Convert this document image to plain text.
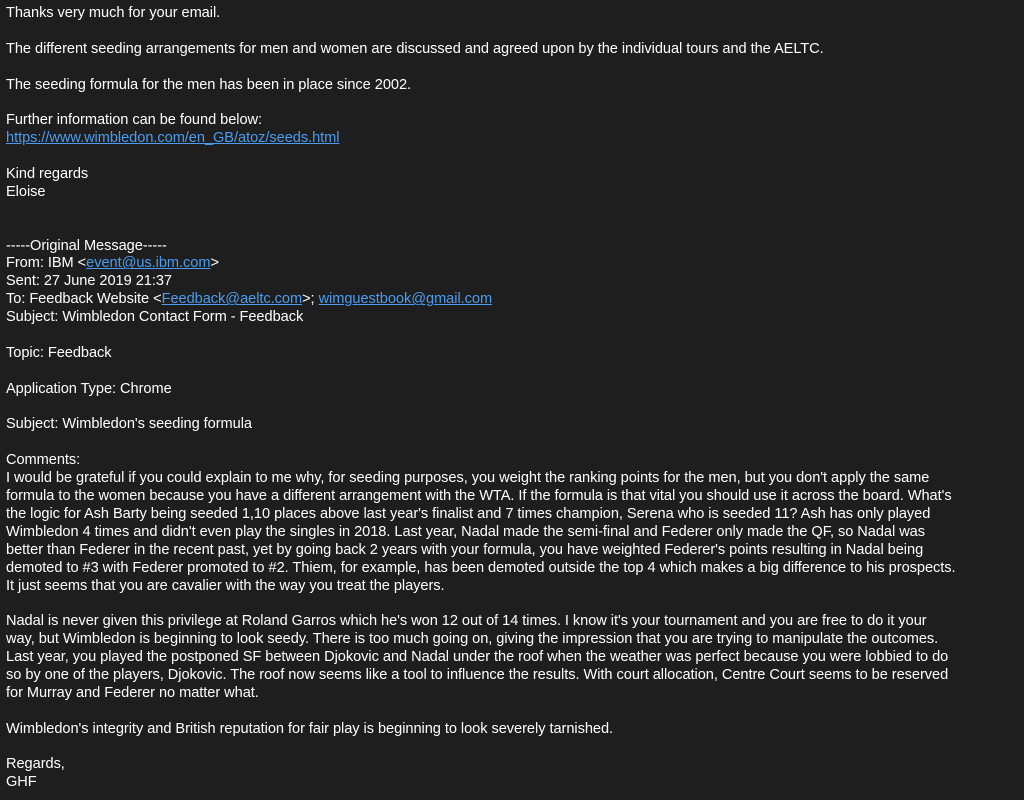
Thanks very much for your email.
The different seeding arrangements for men and women are discussed and agreed upon by the individual tours and the AELTC.
The seeding formula for the men has been in place since 2002.
Further information can be found below:
https://www.wimbledon.com/en_GB/atoz/seeds.html
Kind regards
Eloise
-----Original Message-----
From: IBM <event@us.ibm.com>
Sent: 27 June 2019 21:37
To: Feedback Website <Feedback@aeltc.com>; wimguestbook@gmail.com
Subject: Wimbledon Contact Form - Feedback
Topic: Feedback
Application Type: Chrome
Subject: Wimbledon's seeding formula
Comments:
I would be grateful if you could explain to me why, for seeding purposes, you weight the ranking points for the men, but you don't apply the same
formula to the women because you have a different arrangement with the WTA. If the formula is that vital you should use it across the board. What's
the logic for Ash Barty being seeded 1,10 places above last year's finalist and 7 times champion, Serena who is seeded 11? Ash has only played
Wimbledon 4 times and didn't even play the singles in 2018. Last year, Nadal made the semi-final and Federer only made the QF, so Nadal was
better than Federer in the recent past, yet by going back 2 years with your formula, you have weighted Federer's points resulting in Nadal being
demoted to #3 with Federer promoted to #2. Thiem, for example, has been demoted outside the top 4 which makes a big difference to his prospects.
It just seems that you are cavalier with the way you treat the players.
Nadal is never given this privilege at Roland Garros which he's won 12 out of 14 times. I know it's your tournament and you are free to do it your
way, but Wimbledon is beginning to look seedy. There is too much going on, giving the impression that you are trying to manipulate the outcomes.
Last year, you played the postponed SF between Djokovic and Nadal under the roof when the weather was perfect because you were lobbied to do
so by one of the players, Djokovic. The roof now seems like a tool to influence the results. With court allocation, Centre Court seems to be reserved
for Murray and Federer no matter what.
Wimbledon's integrity and British reputation for fair play is beginning to look severely tarnished.
Regards,
GHF
